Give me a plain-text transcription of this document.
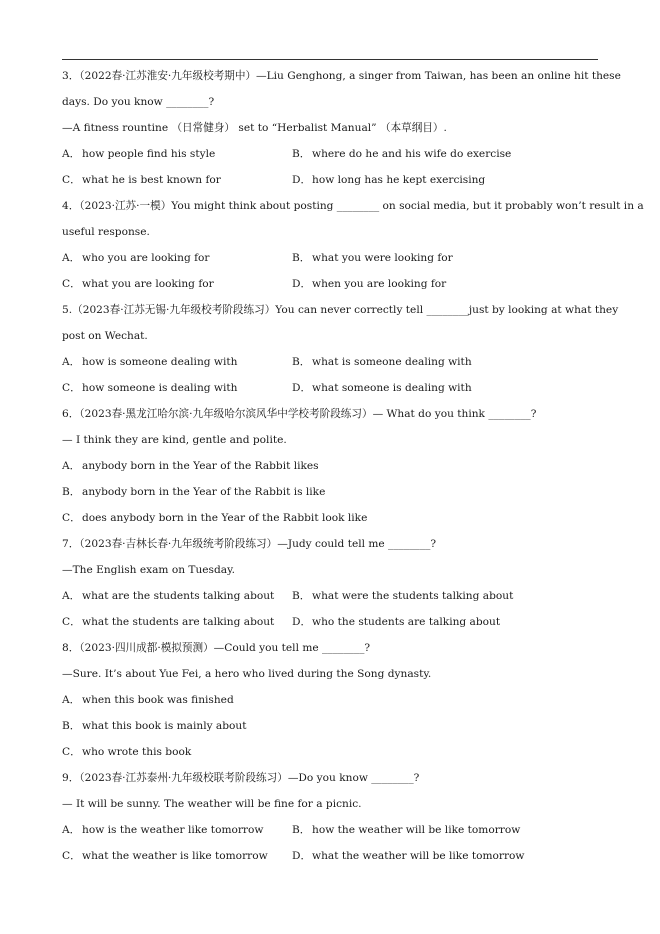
3．（2022春·江苏淮安·九年级校考期中）—Liu Genghong, a singer from Taiwan, has been an online hit these
days. Do you know ________?
—A fitness rountine （日常健身） set to “Herbalist Manual” （本草纲目）.
A． how people find his style	B． where do he and his wife do exercise
C．what he is best known for	D．how long has he kept exercising
4．（2023·江苏·一模）You might think about posting ________ on social media, but it probably won’t result in a
useful response.
A． who you are looking for	B． what you were looking for
C．what you are looking for	D．when you are looking for
5.（2023春·江苏无锡·九年级校考阶段练习）You can never correctly tell ________just by looking at what they
post on Wechat.
A． how is someone dealing with	B． what is someone dealing with
C．how someone is dealing with	D．what someone is dealing with
6．（2023春·黑龙江哈尔滨·九年级哈尔滨风华中学校考阶段练习）— What do you think ________?
— I think they are kind, gentle and polite.
A． anybody born in the Year of the Rabbit likes
B． anybody born in the Year of the Rabbit is like
C．does anybody born in the Year of the Rabbit look like
7．（2023春·吉林长春·九年级统考阶段练习）—Judy could tell me ________?
—The English exam on Tuesday.
A． what are the students talking about B． what were the students talking about
C．what the students are talking about D．who the students are talking about
8．（2023·四川成都·模拟预测）—Could you tell me ________?
—Sure. It’s about Yue Fei, a hero who lived during the Song dynasty.
A． when this book was finished
B． what this book is mainly about
C．who wrote this book
9．（2023春·江苏泰州·九年级校联考阶段练习）—Do you know ________?
— It will be sunny. The weather will be fine for a picnic.
A． how is the weather like tomorrow	B． how the weather will be like tomorrow
C．what the weather is like tomorrow D．what the weather will be like tomorrow
